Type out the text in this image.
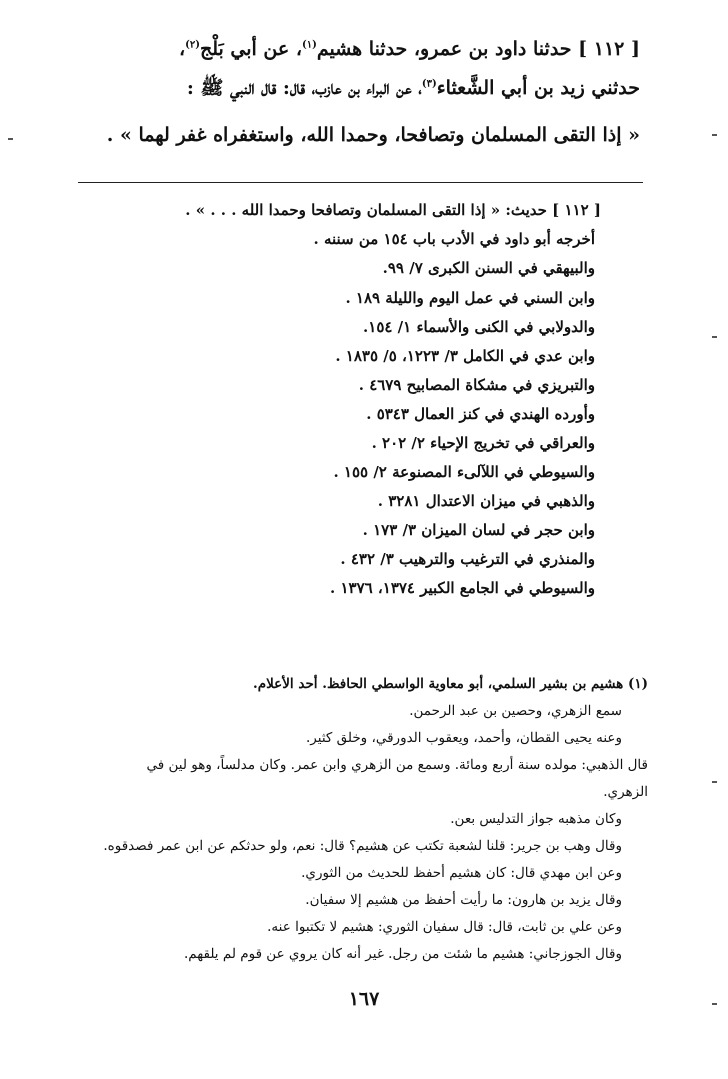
[ ١١٢ ] حدثنا داود بن عمرو، حدثنا هشيم$^{(١)}$، عن أبي بَلْج$^{(٢)}$،
حدثني زيد بن أبي الشَّعثاء$^{(٣)}$، عن البراء بن عازب، قال: قال النبي ﷺ :
« إذا التقى المسلمان وتصافحا، وحمدا الله، واستغفراه غفر لهما » .
[ ١١٢ ] حديث: « إذا التقى المسلمان وتصافحا وحمدا الله . . . » .
أخرجه أبو داود في الأدب باب ١٥٤ من سننه .
والبيهقي في السنن الكبرى ٧/ ٩٩.
وابن السني في عمل اليوم والليلة ١٨٩ .
والدولابي في الكنى والأسماء ١/ ١٥٤.
وابن عدي في الكامل ٣/ ١٢٢٣، ٥/ ١٨٣٥ .
والتبريزي في مشكاة المصابيح ٤٦٧٩ .
وأورده الهندي في كنز العمال ٥٣٤٣ .
والعراقي في تخريج الإحياء ٢/ ٢٠٢ .
والسيوطي في اللآلىء المصنوعة ٢/ ١٥٥ .
والذهبي في ميزان الاعتدال ٣٢٨١ .
وابن حجر في لسان الميزان ٣/ ١٧٣ .
والمنذري في الترغيب والترهيب ٣/ ٤٣٢ .
والسيوطي في الجامع الكبير ١٣٧٤، ١٣٧٦ .
(١) هشيم بن بشير السلمي، أبو معاوية الواسطي الحافظ. أحد الأعلام.
سمع الزهري، وحصين بن عبد الرحمن.
وعنه يحيى القطان، وأحمد، ويعقوب الدورقي، وخلق كثير.
قال الذهبي: مولده سنة أربع ومائة. وسمع من الزهري وابن عمر. وكان مدلساً، وهو لين في
الزهري.
وكان مذهبه جواز التدليس بعن.
وقال وهب بن جرير: قلنا لشعبة تكتب عن هشيم؟ قال: نعم، ولو حدثكم عن ابن عمر فصدقوه.
وعن ابن مهدي قال: كان هشيم أحفظ للحديث من الثوري.
وقال يزيد بن هارون: ما رأيت أحفظ من هشيم إلا سفيان.
وعن علي بن ثابت، قال: قال سفيان الثوري: هشيم لا تكتبوا عنه.
وقال الجوزجاني: هشيم ما شئت من رجل. غير أنه كان يروي عن قوم لم يلقهم.
١٦٧
